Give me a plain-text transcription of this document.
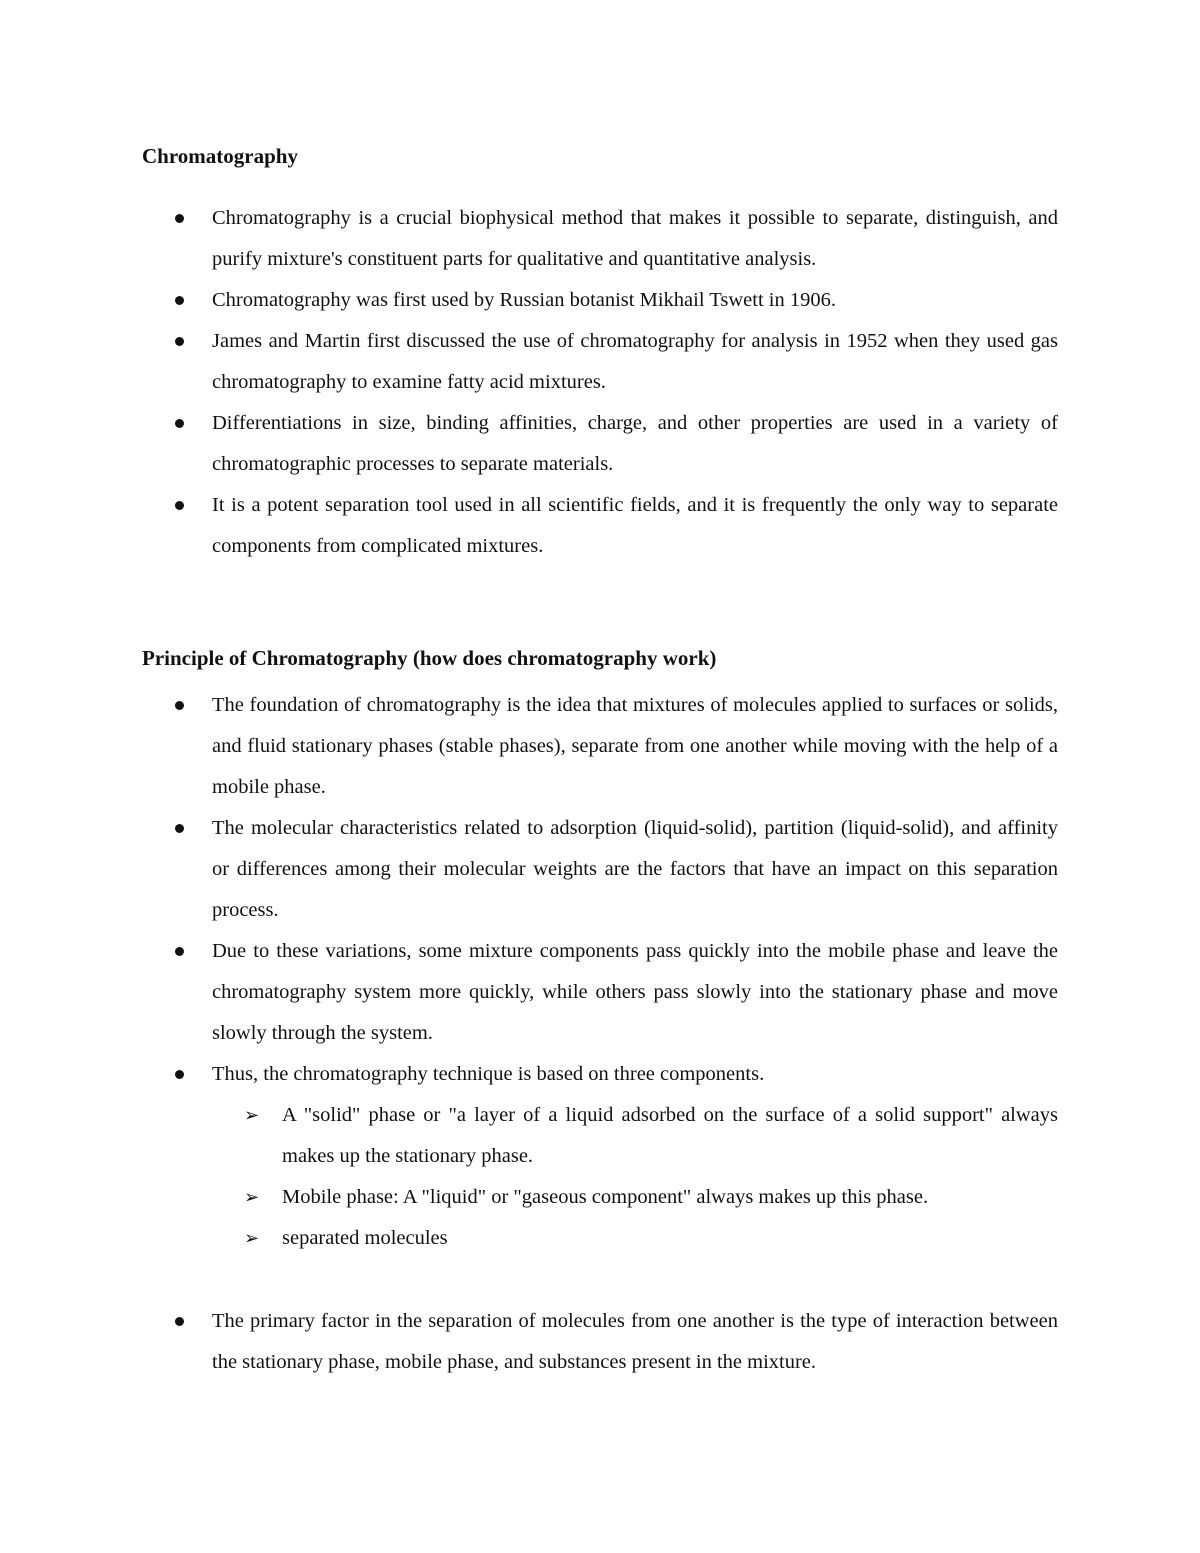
Chromatography
Chromatography is a crucial biophysical method that makes it possible to separate, distinguish, and purify mixture's constituent parts for qualitative and quantitative analysis.
Chromatography was first used by Russian botanist Mikhail Tswett in 1906.
James and Martin first discussed the use of chromatography for analysis in 1952 when they used gas chromatography to examine fatty acid mixtures.
Differentiations in size, binding affinities, charge, and other properties are used in a variety of chromatographic processes to separate materials.
It is a potent separation tool used in all scientific fields, and it is frequently the only way to separate components from complicated mixtures.
Principle of Chromatography (how does chromatography work)
The foundation of chromatography is the idea that mixtures of molecules applied to surfaces or solids, and fluid stationary phases (stable phases), separate from one another while moving with the help of a mobile phase.
The molecular characteristics related to adsorption (liquid-solid), partition (liquid-solid), and affinity or differences among their molecular weights are the factors that have an impact on this separation process.
Due to these variations, some mixture components pass quickly into the mobile phase and leave the chromatography system more quickly, while others pass slowly into the stationary phase and move slowly through the system.
Thus, the chromatography technique is based on three components.
➢ A "solid" phase or "a layer of a liquid adsorbed on the surface of a solid support" always makes up the stationary phase.
➢ Mobile phase: A "liquid" or "gaseous component" always makes up this phase.
➢ separated molecules
The primary factor in the separation of molecules from one another is the type of interaction between the stationary phase, mobile phase, and substances present in the mixture.
